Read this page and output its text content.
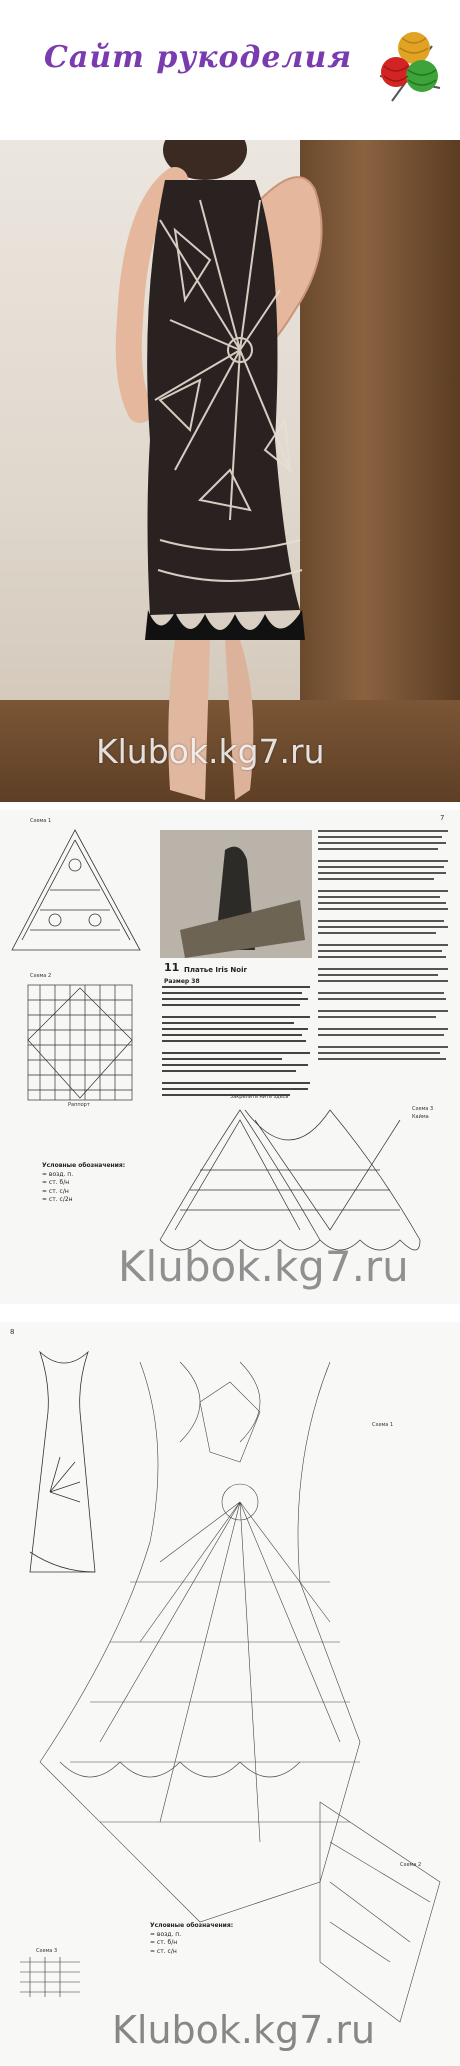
Сайт рукоделия
Klubok.kg7.ru
Схема 1
Схема 2
Раппорт
7
11 Платье Iris Noir
Размер 38
Закрепить нить здесь
Схема 3
Кайма
Условные обозначения:
= возд. п.
= ст. б/н
= ст. с/н
= ст. с/2н
Klubok.kg7.ru
8
Схема 1
Схема 2
Схема 3
Условные обозначения:
= возд. п.
= ст. б/н
= ст. с/н
Klubok.kg7.ru
